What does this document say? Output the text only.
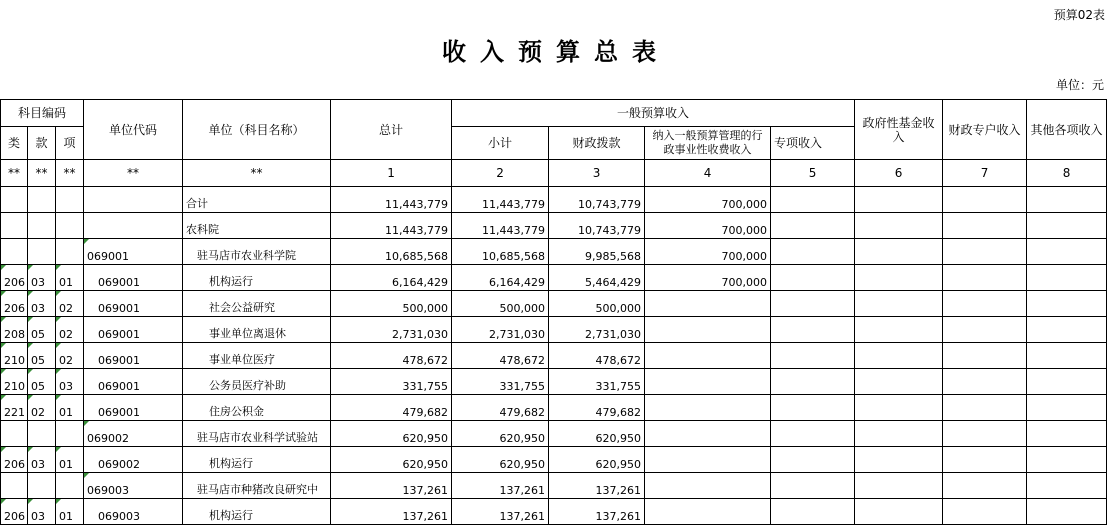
预算02表
收入预算总表
单位：元
科目编码			单位代码	单位（科目名称）	总计	一般预算收入				政府性基金收入	财政专户收入	其他各项收入
类	款	项				小计	财政拨款	纳入一般预算管理的行政事业性收费收入	专项收入			
**	**	**	**	**	1	2	3	4	5	6	7	8
				合计	11,443,779	11,443,779	10,743,779	700,000				
				农科院	11,443,779	11,443,779	10,743,779	700,000				
			069001	驻马店市农业科学院	10,685,568	10,685,568	9,985,568	700,000				
206	03	01	069001	机构运行	6,164,429	6,164,429	5,464,429	700,000				
206	03	02	069001	社会公益研究	500,000	500,000	500,000					
208	05	02	069001	事业单位离退休	2,731,030	2,731,030	2,731,030					
210	05	02	069001	事业单位医疗	478,672	478,672	478,672					
210	05	03	069001	公务员医疗补助	331,755	331,755	331,755					
221	02	01	069001	住房公积金	479,682	479,682	479,682					
			069002	驻马店市农业科学试验站	620,950	620,950	620,950					
206	03	01	069002	机构运行	620,950	620,950	620,950					
			069003	驻马店市种猪改良研究中	137,261	137,261	137,261					
206	03	01	069003	机构运行	137,261	137,261	137,261					
